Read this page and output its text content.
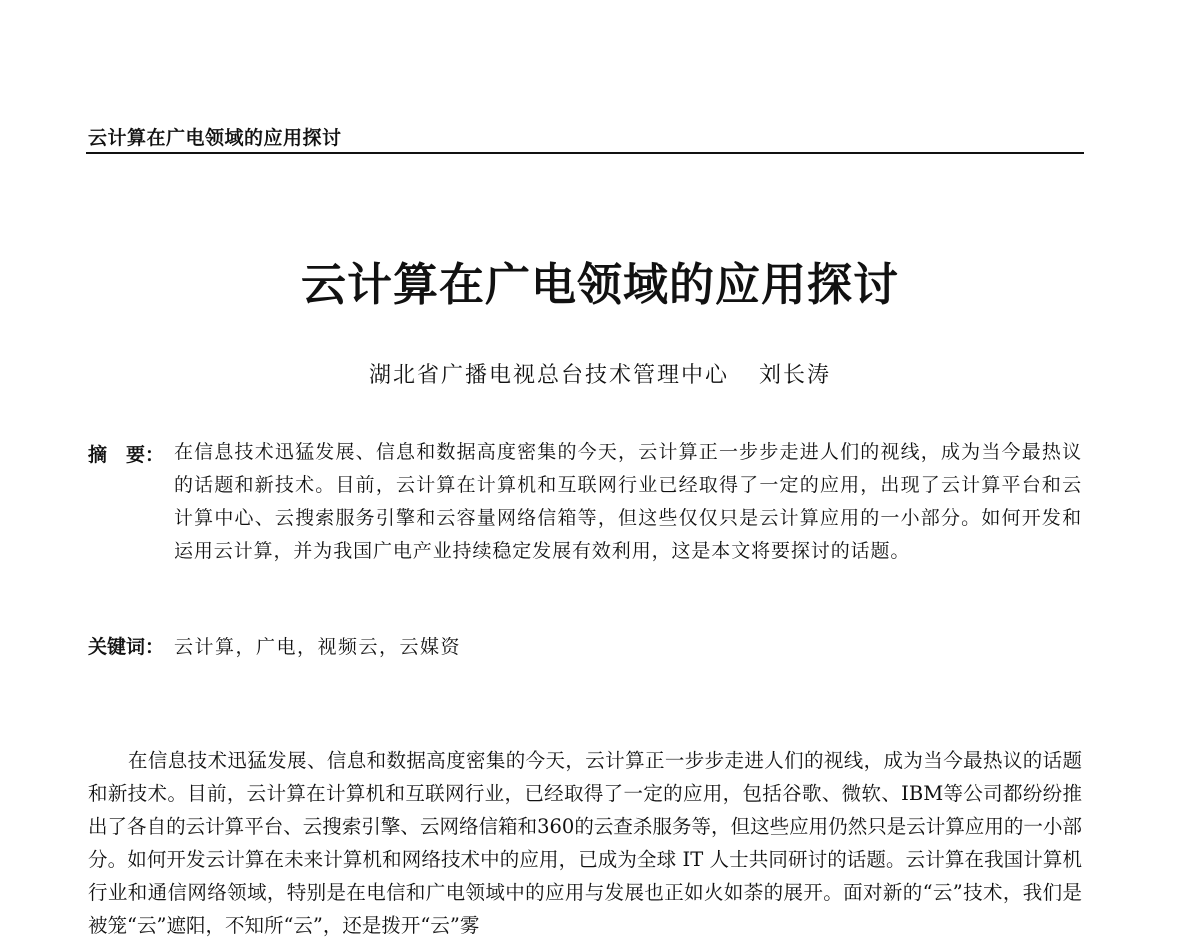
云计算在广电领域的应用探讨
云计算在广电领域的应用探讨
湖北省广播电视总台技术管理中心 刘长涛
摘　要： 在信息技术迅猛发展、信息和数据高度密集的今天，云计算正一步步走进人们的视线，成为当今最热议的话题和新技术。目前，云计算在计算机和互联网行业已经取得了一定的应用，出现了云计算平台和云计算中心、云搜索服务引擎和云容量网络信箱等，但这些仅仅只是云计算应用的一小部分。如何开发和运用云计算，并为我国广电产业持续稳定发展有效利用，这是本文将要探讨的话题。
关键词： 云计算，广电，视频云，云媒资

在信息技术迅猛发展、信息和数据高度密集的今天，云计算正一步步走进人们的视线，成为当今最热议的话题和新技术。目前，云计算在计算机和互联网行业，已经取得了一定的应用，包括谷歌、微软、IBM等公司都纷纷推出了各自的云计算平台、云搜索引擎、云网络信箱和360的云查杀服务等，但这些应用仍然只是云计算应用的一小部分。如何开发云计算在未来计算机和网络技术中的应用，已成为全球 IT 人士共同研讨的话题。云计算在我国计算机行业和通信网络领域，特别是在电信和广电领域中的应用与发展也正如火如荼的展开。面对新的“云”技术，我们是被笼“云”遮阳，不知所“云”，还是拨开“云”雾
